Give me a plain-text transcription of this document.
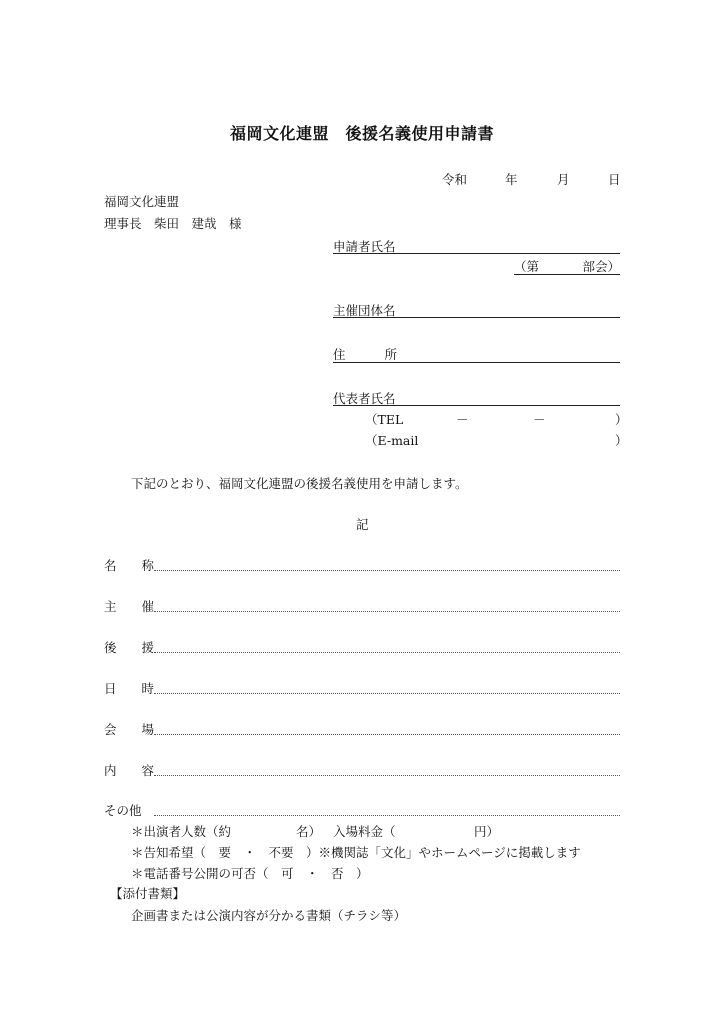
福岡文化連盟　後援名義使用申請書
令和	年	月	日
福岡文化連盟
理事長　柴田　建哉　様
申請者氏名
（第	部会）
主催団体名
住	所
代表者氏名
（TEL	－	－	）
（E-mail	）
下記のとおり、福岡文化連盟の後援名義使用を申請します。
記
名 称
主 催
後 援
日 時
会 場
内 容
その他
＊出演者人数（約	名） 入場料金（	円）
＊告知希望（　要　・　不要　）※機関誌「文化」やホームページに掲載します
＊電話番号公開の可否（　可　・　否　）
【添付書類】
企画書または公演内容が分かる書類（チラシ等）
